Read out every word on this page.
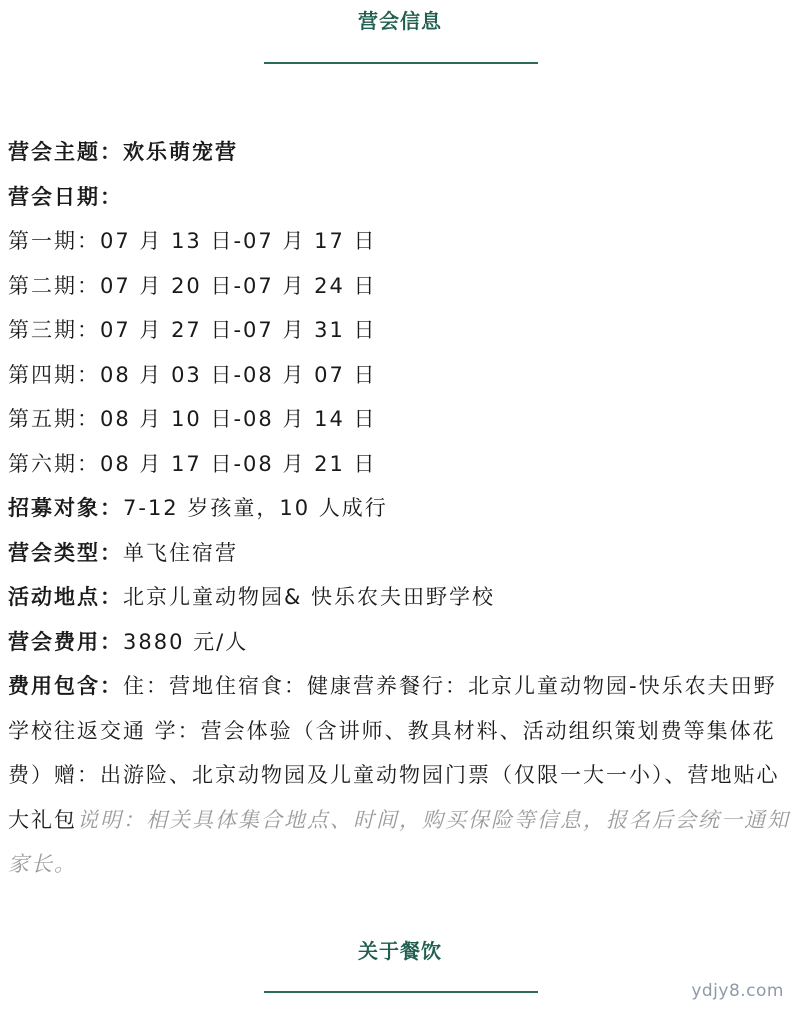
营会信息
营会主题：欢乐萌宠营
营会日期：
第一期：07 月 13 日-07 月 17 日
第二期：07 月 20 日-07 月 24 日
第三期：07 月 27 日-07 月 31 日
第四期：08 月 03 日-08 月 07 日
第五期：08 月 10 日-08 月 14 日
第六期：08 月 17 日-08 月 21 日
招募对象：7-12 岁孩童，10 人成行
营会类型：单飞住宿营
活动地点：北京儿童动物园& 快乐农夫田野学校
营会费用：3880 元/人
费用包含：住：营地住宿食：健康营养餐行：北京儿童动物园-快乐农夫田野学校往返交通 学：营会体验（含讲师、教具材料、活动组织策划费等集体花费）赠：出游险、北京动物园及儿童动物园门票（仅限一大一小）、营地贴心大礼包说明：相关具体集合地点、时间，购买保险等信息，报名后会统一通知家长。
关于餐饮
ydjy8.com
